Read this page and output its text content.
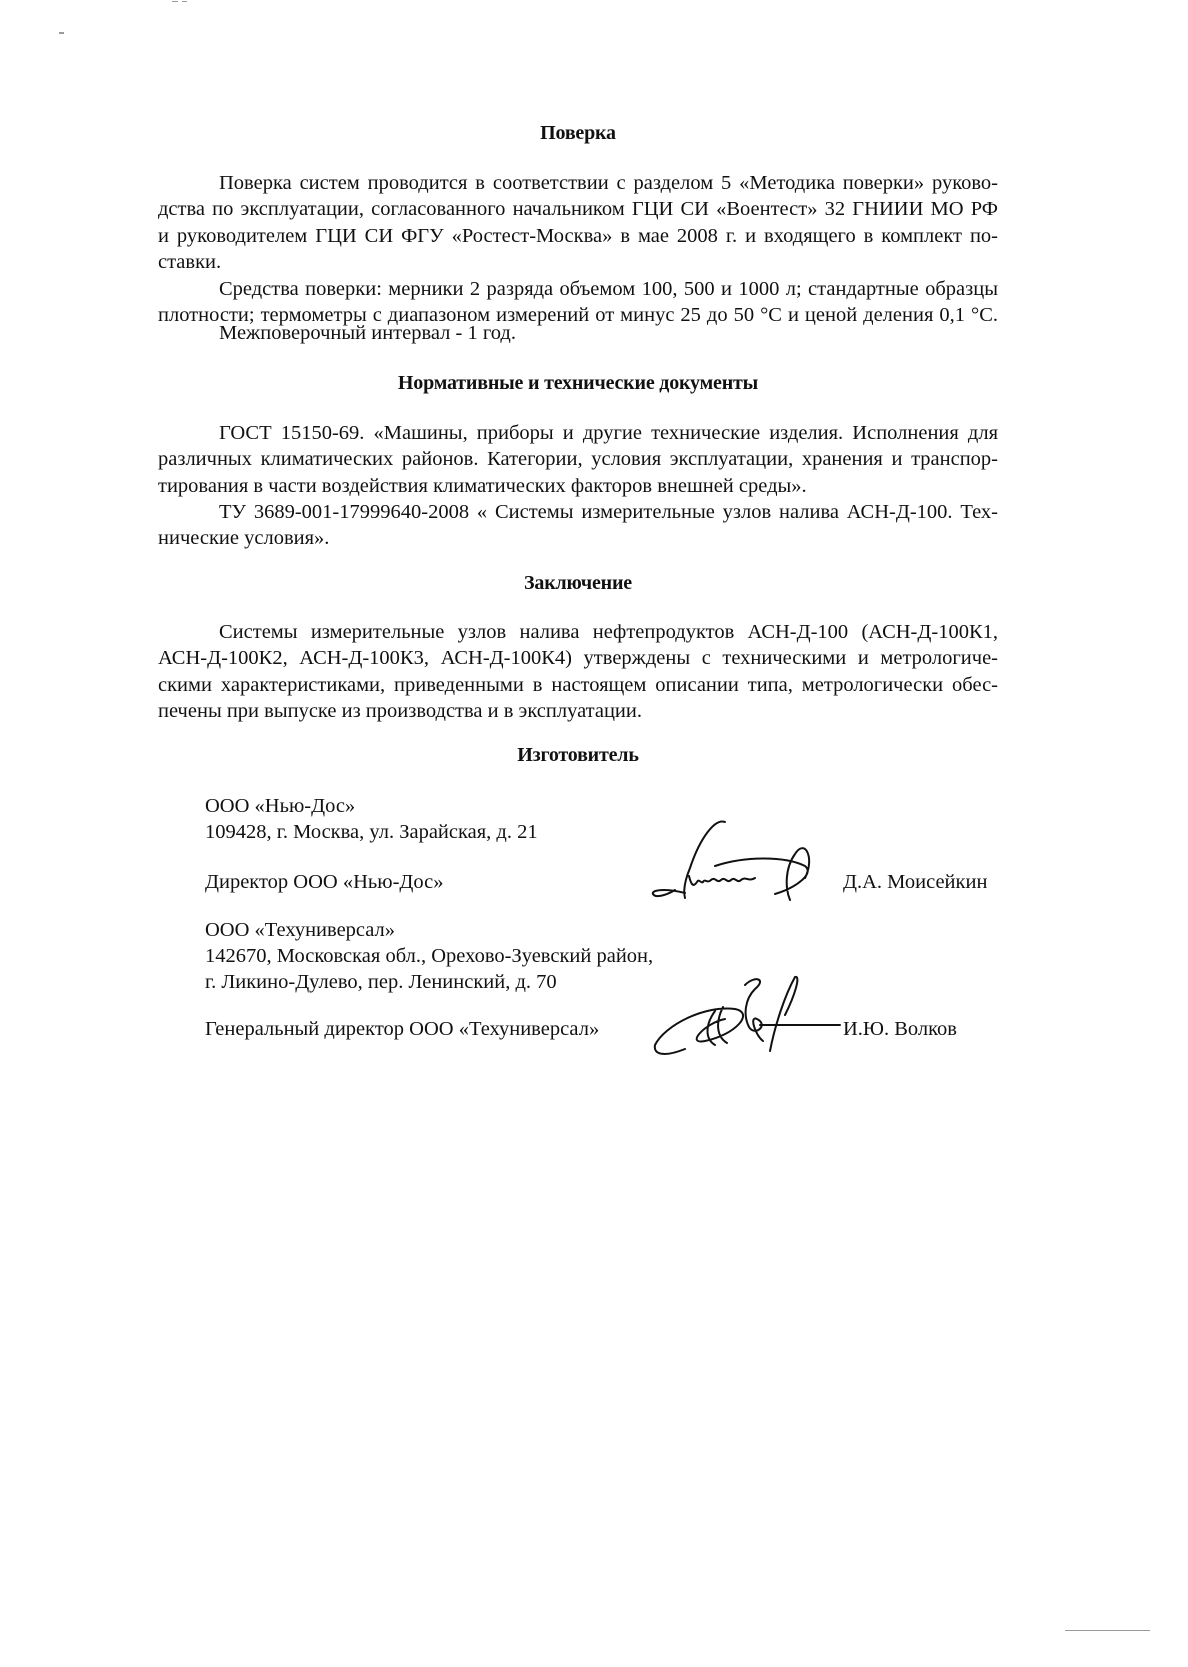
Поверка
Поверка систем проводится в соответствии с разделом 5 «Методика поверки» руково-
дства по эксплуатации, согласованного начальником ГЦИ СИ «Воентест» 32 ГНИИИ МО РФ
и руководителем ГЦИ СИ ФГУ «Ростест-Москва» в мае 2008 г. и входящего в комплект по-
ставки.
Средства поверки: мерники 2 разряда объемом 100, 500 и 1000 л; стандартные образцы
плотности; термометры с диапазоном измерений от минус 25 до 50 °С и ценой деления 0,1 °С.
Межповерочный интервал - 1 год.
Нормативные и технические документы
ГОСТ 15150-69. «Машины, приборы и другие технические изделия. Исполнения для
различных климатических районов. Категории, условия эксплуатации, хранения и транспор-
тирования в части воздействия климатических факторов внешней среды».
ТУ 3689-001-17999640-2008 « Системы измерительные узлов налива АСН-Д-100. Тех-
нические условия».
Заключение
Системы измерительные узлов налива нефтепродуктов АСН-Д-100 (АСН-Д-100К1,
АСН-Д-100К2, АСН-Д-100К3, АСН-Д-100К4) утверждены с техническими и метрологиче-
скими характеристиками, приведенными в настоящем описании типа, метрологически обес-
печены при выпуске из производства и в эксплуатации.
Изготовитель
ООО «Нью-Дос»
109428, г. Москва, ул. Зарайская, д. 21
Директор ООО «Нью-Дос»	Д.А. Моисейкин
ООО «Техуниверсал»
142670, Московская обл., Орехово-Зуевский район,
г. Ликино-Дулево, пер. Ленинский, д. 70
Генеральный директор ООО «Техуниверсал»	И.Ю. Волков
